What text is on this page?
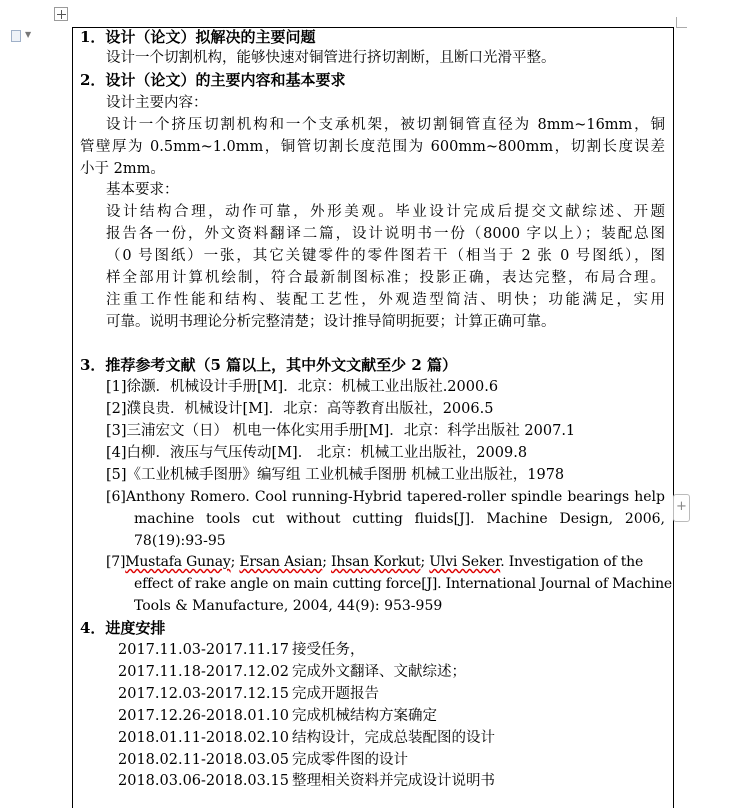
▼
+
1．设计（论文）拟解决的主要问题
设计一个切割机构，能够快速对铜管进行挤切割断，且断口光滑平整。
2．设计（论文）的主要内容和基本要求
设计主要内容：
设计一个挤压切割机构和一个支承机架，被切割铜管直径为 8mm~16mm，铜
管壁厚为 0.5mm~1.0mm，铜管切割长度范围为 600mm~800mm，切割长度误差
小于 2mm。
基本要求：
设计结构合理，动作可靠，外形美观。毕业设计完成后提交文献综述、开题
报告各一份，外文资料翻译二篇，设计说明书一份（8000 字以上）；装配总图
（0 号图纸）一张，其它关键零件的零件图若干（相当于 2 张 0 号图纸），图
样全部用计算机绘制，符合最新制图标准；投影正确，表达完整，布局合理。
注重工作性能和结构、装配工艺性，外观造型简洁、明快；功能满足，实用
可靠。说明书理论分析完整清楚；设计推导简明扼要；计算正确可靠。
3．推荐参考文献（5 篇以上，其中外文文献至少 2 篇）
[1]徐灏．机械设计手册[M]．北京：机械工业出版社.2000.6
[2]濮良贵．机械设计[M]．北京：高等教育出版社，2006.5
[3]三浦宏文（日） 机电一体化实用手册[M]．北京：科学出版社 2007.1
[4]白柳．液压与气压传动[M]． 北京：机械工业出版社，2009.8
[5]《工业机械手图册》编写组 工业机械手图册 机械工业出版社，1978
[6]Anthony Romero. Cool running-Hybrid tapered-roller spindle bearings help
machine tools cut without cutting fluids[J]. Machine Design, 2006,
78(19):93-95
[7]Mustafa Gunay; Ersan Asian; Ihsan Korkut; Ulvi Seker. Investigation of the
effect of rake angle on main cutting force[J]. International Journal of Machine
Tools & Manufacture, 2004, 44(9): 953-959
4．进度安排
2017.11.03-2017.11.17 接受任务，
2017.11.18-2017.12.02 完成外文翻译、文献综述；
2017.12.03-2017.12.15 完成开题报告
2017.12.26-2018.01.10 完成机械结构方案确定
2018.01.11-2018.02.10 结构设计，完成总装配图的设计
2018.02.11-2018.03.05 完成零件图的设计
2018.03.06-2018.03.15 整理相关资料并完成设计说明书
